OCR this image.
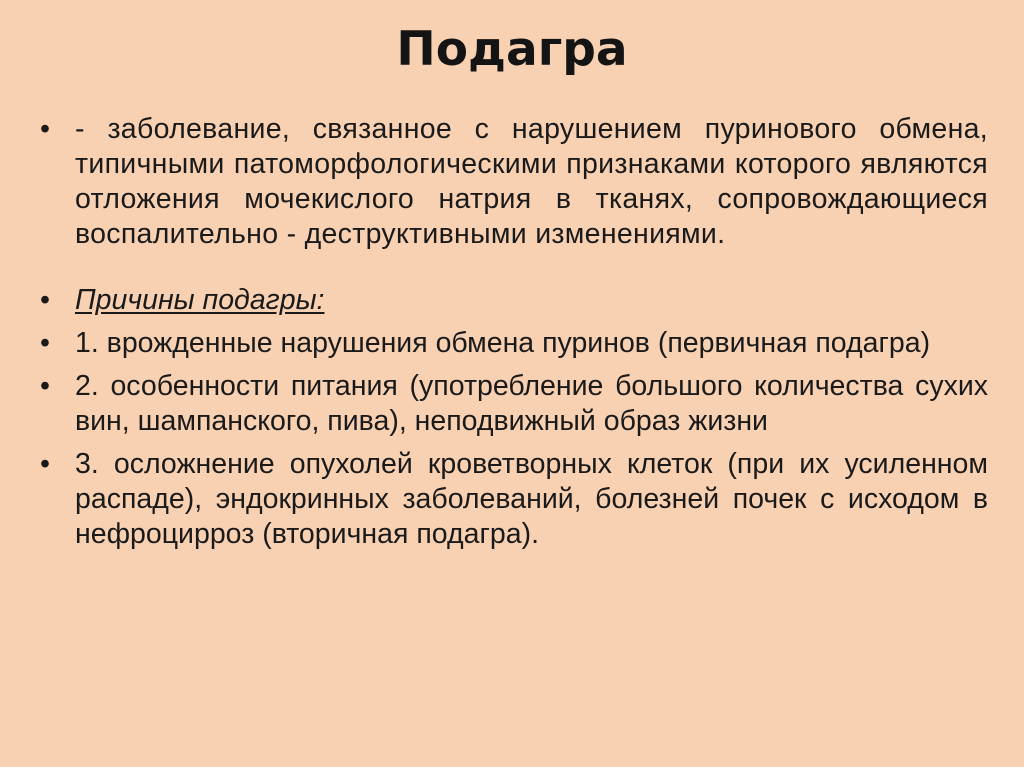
Подагра
• - заболевание, связанное с нарушением пуринового обмена, типичными патоморфологическими признаками которого являются отложения мочекислого натрия в тканях, сопровождающиеся воспалительно - деструктивными изменениями.
• Причины подагры:
• 1. врожденные нарушения обмена пуринов (первичная подагра)
• 2. особенности питания (употребление большого количества сухих вин, шампанского, пива), неподвижный образ жизни
• 3. осложнение опухолей кроветворных клеток (при их усиленном распаде), эндокринных заболеваний, болезней почек с исходом в нефроцирроз (вторичная подагра).
